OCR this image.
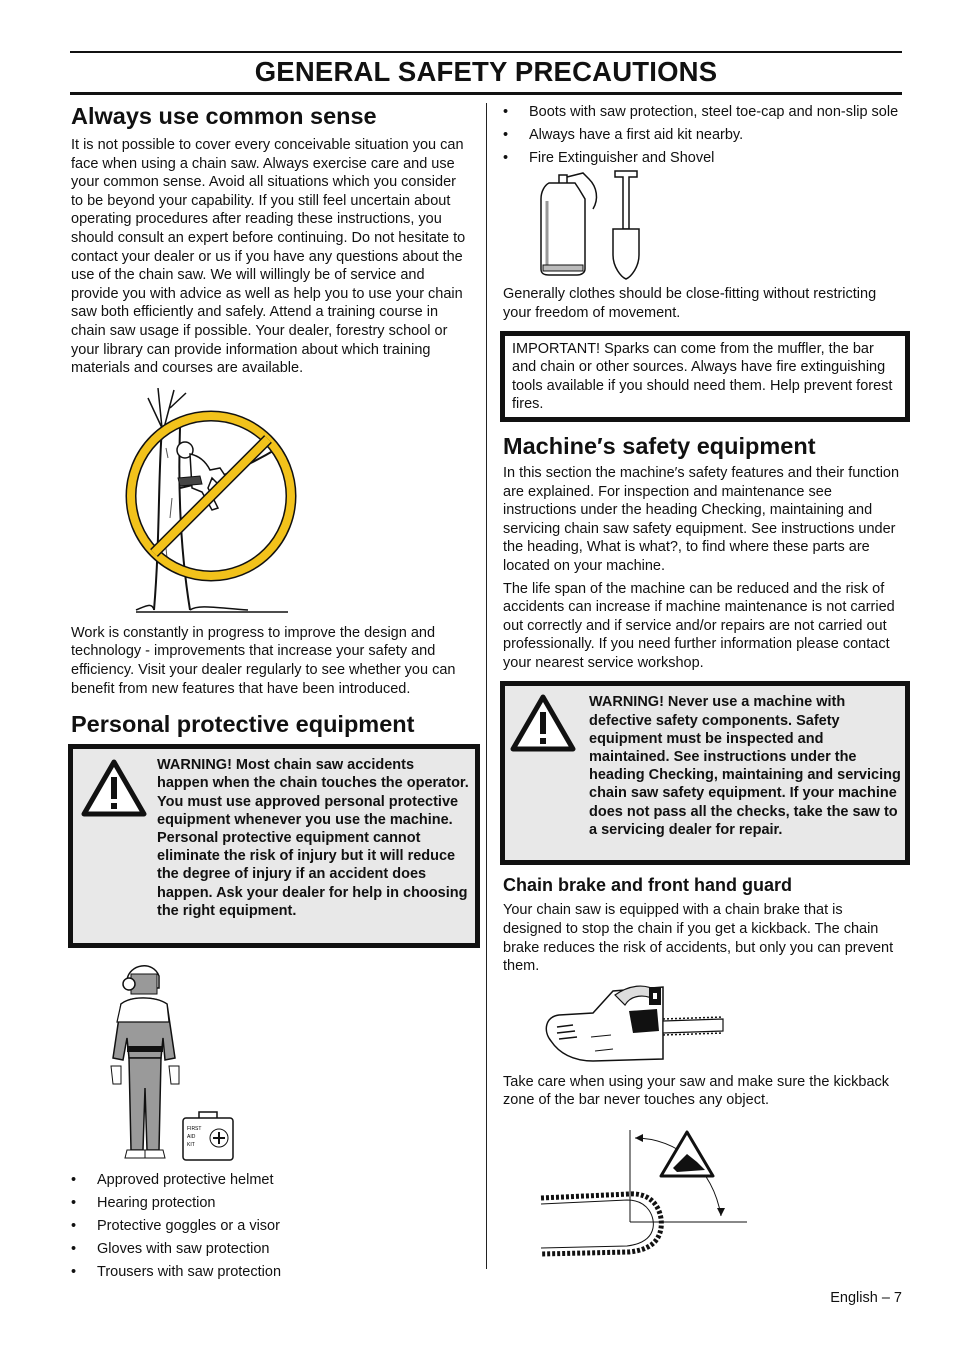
GENERAL SAFETY PRECAUTIONS
Always use common sense

It is not possible to cover every conceivable situation you can face when using a chain saw. Always exercise care and use your common sense. Avoid all situations which you consider to be beyond your capability. If you still feel uncertain about operating procedures after reading these instructions, you should consult an expert before continuing. Do not hesitate to contact your dealer or us if you have any questions about the use of the chain saw. We will willingly be of service and provide you with advice as well as help you to use your chain saw both efficiently and safely. Attend a training course in chain saw usage if possible. Your dealer, forestry school or your library can provide information about which training materials and courses are available.

Work is constantly in progress to improve the design and technology - improvements that increase your safety and efficiency. Visit your dealer regularly to see whether you can benefit from new features that have been introduced.

Personal protective equipment
WARNING! Most chain saw accidents happen when the chain touches the operator. You must use approved personal protective equipment whenever you use the machine. Personal protective equipment cannot eliminate the risk of injury but it will reduce the degree of injury if an accident does happen. Ask your dealer for help in choosing the right equipment.
FIRST
AID
KIT
• Approved protective helmet
• Hearing protection
• Protective goggles or a visor
• Gloves with saw protection
• Trousers with saw protection
• Boots with saw protection, steel toe-cap and non-slip sole
• Always have a first aid kit nearby.
• Fire Extinguisher and Shovel

Generally clothes should be close-fitting without restricting your freedom of movement.

IMPORTANT! Sparks can come from the muffler, the bar and chain or other sources. Always have fire extinguishing tools available if you should need them. Help prevent forest fires.

Machine′s safety equipment

In this section the machine′s safety features and their function are explained. For inspection and maintenance see instructions under the heading Checking, maintaining and servicing chain saw safety equipment. See instructions under the heading, What is what?, to find where these parts are located on your machine.

The life span of the machine can be reduced and the risk of accidents can increase if machine maintenance is not carried out correctly and if service and/or repairs are not carried out professionally. If you need further information please contact your nearest service workshop.

WARNING! Never use a machine with defective safety components. Safety equipment must be inspected and maintained. See instructions under the heading Checking, maintaining and servicing chain saw safety equipment. If your machine does not pass all the checks, take the saw to a servicing dealer for repair.
Chain brake and front hand guard

Your chain saw is equipped with a chain brake that is designed to stop the chain if you get a kickback. The chain brake reduces the risk of accidents, but only you can prevent them.

Take care when using your saw and make sure the kickback zone of the bar never touches any object.

English – 7
